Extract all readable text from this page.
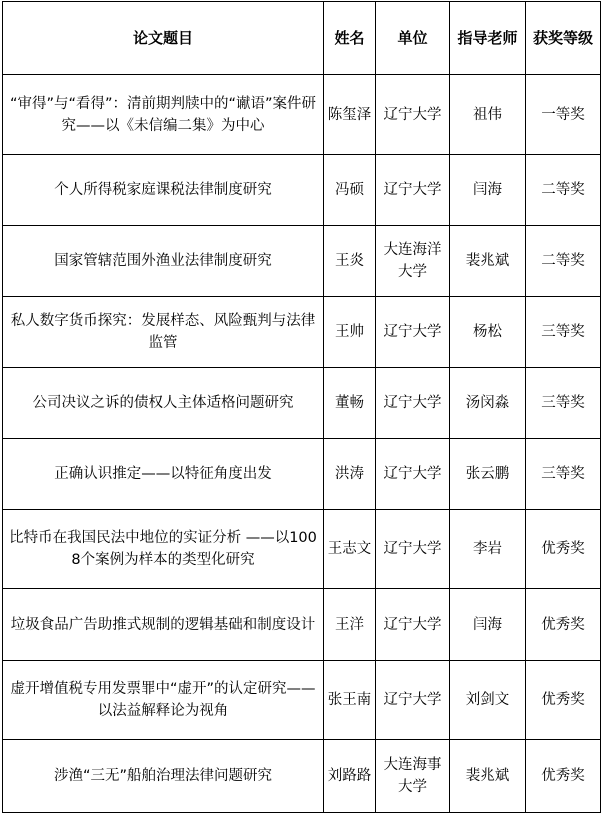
论文题目	姓名	单位	指导老师	获奖等级
“审得”与“看得”：清前期判牍中的“谳语”案件研究——以《未信编二集》为中心	陈玺泽	辽宁大学	祖伟	一等奖
个人所得税家庭课税法律制度研究	冯硕	辽宁大学	闫海	二等奖
国家管辖范围外渔业法律制度研究	王炎	大连海洋大学	裴兆斌	二等奖
私人数字货币探究：发展样态、风险甄判与法律监管	王帅	辽宁大学	杨松	三等奖
公司决议之诉的债权人主体适格问题研究	董畅	辽宁大学	汤闵淼	三等奖
正确认识推定——以特征角度出发	洪涛	辽宁大学	张云鹏	三等奖
比特币在我国民法中地位的实证分析 ——以1008个案例为样本的类型化研究	王志文	辽宁大学	李岩	优秀奖
垃圾食品广告助推式规制的逻辑基础和制度设计	王洋	辽宁大学	闫海	优秀奖
虚开增值税专用发票罪中“虚开”的认定研究——以法益解释论为视角	张王南	辽宁大学	刘剑文	优秀奖
涉渔“三无”船舶治理法律问题研究	刘路路	大连海事大学	裴兆斌	优秀奖
